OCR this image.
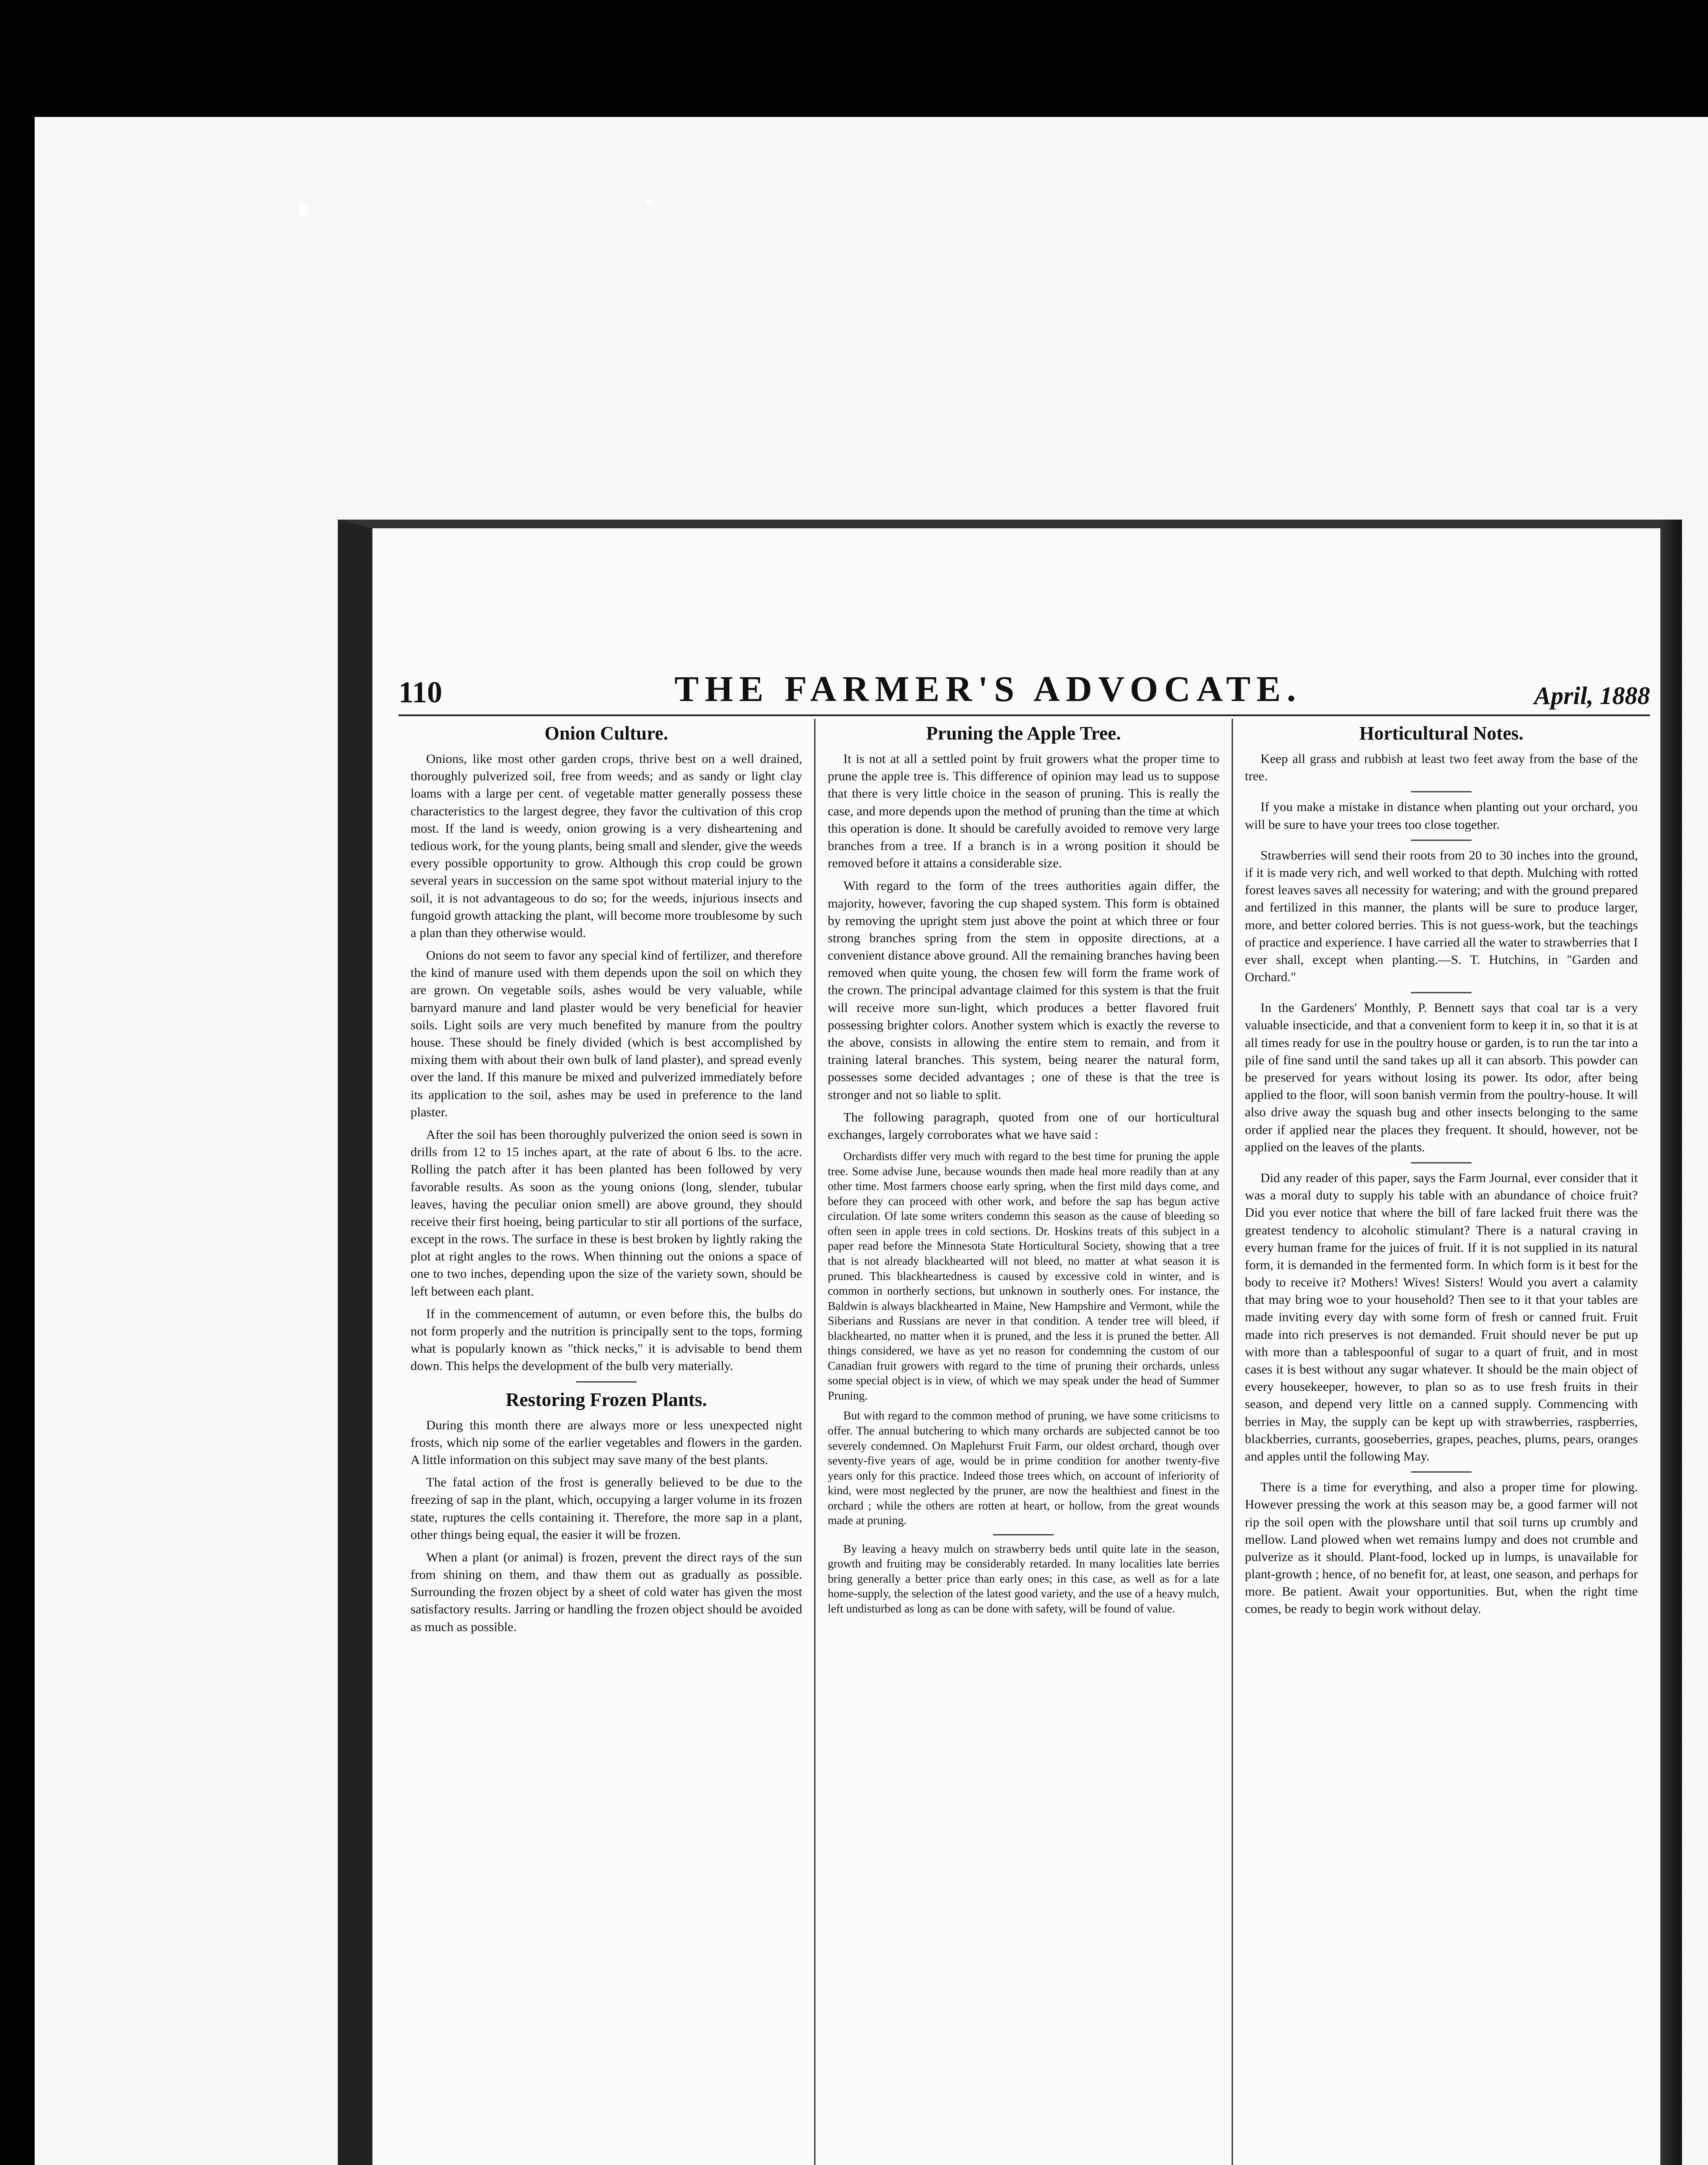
110	THE FARMER'S ADVOCATE.	April, 1888
Onion Culture.

Onions, like most other garden crops, thrive best on a well drained, thoroughly pulverized soil, free from weeds; and as sandy or light clay loams with a large per cent. of vegetable matter generally possess these characteristics to the largest degree, they favor the cultivation of this crop most. If the land is weedy, onion growing is a very disheartening and tedious work, for the young plants, being small and slender, give the weeds every possible opportunity to grow. Although this crop could be grown several years in succession on the same spot without material injury to the soil, it is not advantageous to do so; for the weeds, injurious insects and fungoid growth attacking the plant, will become more troublesome by such a plan than they otherwise would.

Onions do not seem to favor any special kind of fertilizer, and therefore the kind of manure used with them depends upon the soil on which they are grown. On vegetable soils, ashes would be very valuable, while barnyard manure and land plaster would be very beneficial for heavier soils. Light soils are very much benefited by manure from the poultry house. These should be finely divided (which is best accomplished by mixing them with about their own bulk of land plaster), and spread evenly over the land. If this manure be mixed and pulverized immediately before its application to the soil, ashes may be used in preference to the land plaster.

After the soil has been thoroughly pulverized the onion seed is sown in drills from 12 to 15 inches apart, at the rate of about 6 lbs. to the acre. Rolling the patch after it has been planted has been followed by very favorable results. As soon as the young onions (long, slender, tubular leaves, having the peculiar onion smell) are above ground, they should receive their first hoeing, being particular to stir all portions of the surface, except in the rows. The surface in these is best broken by lightly raking the plot at right angles to the rows. When thinning out the onions a space of one to two inches, depending upon the size of the variety sown, should be left between each plant.

If in the commencement of autumn, or even before this, the bulbs do not form properly and the nutrition is principally sent to the tops, forming what is popularly known as "thick necks," it is advisable to bend them down. This helps the development of the bulb very materially.

Restoring Frozen Plants.

During this month there are always more or less unexpected night frosts, which nip some of the earlier vegetables and flowers in the garden. A little information on this subject may save many of the best plants.

The fatal action of the frost is generally believed to be due to the freezing of sap in the plant, which, occupying a larger volume in its frozen state, ruptures the cells containing it. Therefore, the more sap in a plant, other things being equal, the easier it will be frozen.

When a plant (or animal) is frozen, prevent the direct rays of the sun from shining on them, and thaw them out as gradually as possible. Surrounding the frozen object by a sheet of cold water has given the most satisfactory results. Jarring or handling the frozen object should be avoided as much as possible.

Pruning the Apple Tree.

It is not at all a settled point by fruit growers what the proper time to prune the apple tree is. This difference of opinion may lead us to suppose that there is very little choice in the season of pruning. This is really the case, and more depends upon the method of pruning than the time at which this operation is done. It should be carefully avoided to remove very large branches from a tree. If a branch is in a wrong position it should be removed before it attains a considerable size.

With regard to the form of the trees authorities again differ, the majority, however, favoring the cup shaped system. This form is obtained by removing the upright stem just above the point at which three or four strong branches spring from the stem in opposite directions, at a convenient distance above ground. All the remaining branches having been removed when quite young, the chosen few will form the frame work of the crown. The principal advantage claimed for this system is that the fruit will receive more sun-light, which produces a better flavored fruit possessing brighter colors. Another system which is exactly the reverse to the above, consists in allowing the entire stem to remain, and from it training lateral branches. This system, being nearer the natural form, possesses some decided advantages ; one of these is that the tree is stronger and not so liable to split.

The following paragraph, quoted from one of our horticultural exchanges, largely corroborates what we have said :

Orchardists differ very much with regard to the best time for pruning the apple tree. Some advise June, because wounds then made heal more readily than at any other time. Most farmers choose early spring, when the first mild days come, and before they can proceed with other work, and before the sap has begun active circulation. Of late some writers condemn this season as the cause of bleeding so often seen in apple trees in cold sections. Dr. Hoskins treats of this subject in a paper read before the Minnesota State Horticultural Society, showing that a tree that is not already blackhearted will not bleed, no matter at what season it is pruned. This blackheartedness is caused by excessive cold in winter, and is common in northerly sections, but unknown in southerly ones. For instance, the Baldwin is always blackhearted in Maine, New Hampshire and Vermont, while the Siberians and Russians are never in that condition. A tender tree will bleed, if blackhearted, no matter when it is pruned, and the less it is pruned the better. All things considered, we have as yet no reason for condemning the custom of our Canadian fruit growers with regard to the time of pruning their orchards, unless some special object is in view, of which we may speak under the head of Summer Pruning.

But with regard to the common method of pruning, we have some criticisms to offer. The annual butchering to which many orchards are subjected cannot be too severely condemned. On Maplehurst Fruit Farm, our oldest orchard, though over seventy-five years of age, would be in prime condition for another twenty-five years only for this practice. Indeed those trees which, on account of inferiority of kind, were most neglected by the pruner, are now the healthiest and finest in the orchard ; while the others are rotten at heart, or hollow, from the great wounds made at pruning.

By leaving a heavy mulch on strawberry beds until quite late in the season, growth and fruiting may be considerably retarded. In many localities late berries bring generally a better price than early ones; in this case, as well as for a late home-supply, the selection of the latest good variety, and the use of a heavy mulch, left undisturbed as long as can be done with safety, will be found of value.

Horticultural Notes.

Keep all grass and rubbish at least two feet away from the base of the tree.

If you make a mistake in distance when planting out your orchard, you will be sure to have your trees too close together.

Strawberries will send their roots from 20 to 30 inches into the ground, if it is made very rich, and well worked to that depth. Mulching with rotted forest leaves saves all necessity for watering; and with the ground prepared and fertilized in this manner, the plants will be sure to produce larger, more, and better colored berries. This is not guess-work, but the teachings of practice and experience. I have carried all the water to strawberries that I ever shall, except when planting.—S. T. Hutchins, in "Garden and Orchard."

In the Gardeners' Monthly, P. Bennett says that coal tar is a very valuable insecticide, and that a convenient form to keep it in, so that it is at all times ready for use in the poultry house or garden, is to run the tar into a pile of fine sand until the sand takes up all it can absorb. This powder can be preserved for years without losing its power. Its odor, after being applied to the floor, will soon banish vermin from the poultry-house. It will also drive away the squash bug and other insects belonging to the same order if applied near the places they frequent. It should, however, not be applied on the leaves of the plants.

Did any reader of this paper, says the Farm Journal, ever consider that it was a moral duty to supply his table with an abundance of choice fruit? Did you ever notice that where the bill of fare lacked fruit there was the greatest tendency to alcoholic stimulant? There is a natural craving in every human frame for the juices of fruit. If it is not supplied in its natural form, it is demanded in the fermented form. In which form is it best for the body to receive it? Mothers! Wives! Sisters! Would you avert a calamity that may bring woe to your household? Then see to it that your tables are made inviting every day with some form of fresh or canned fruit. Fruit made into rich preserves is not demanded. Fruit should never be put up with more than a tablespoonful of sugar to a quart of fruit, and in most cases it is best without any sugar whatever. It should be the main object of every housekeeper, however, to plan so as to use fresh fruits in their season, and depend very little on a canned supply. Commencing with berries in May, the supply can be kept up with strawberries, raspberries, blackberries, currants, gooseberries, grapes, peaches, plums, pears, oranges and apples until the following May.

There is a time for everything, and also a proper time for plowing. However pressing the work at this season may be, a good farmer will not rip the soil open with the plowshare until that soil turns up crumbly and mellow. Land plowed when wet remains lumpy and does not crumble and pulverize as it should. Plant-food, locked up in lumps, is unavailable for plant-growth ; hence, of no benefit for, at least, one season, and perhaps for more. Be patient. Await your opportunities. But, when the right time comes, be ready to begin work without delay.
